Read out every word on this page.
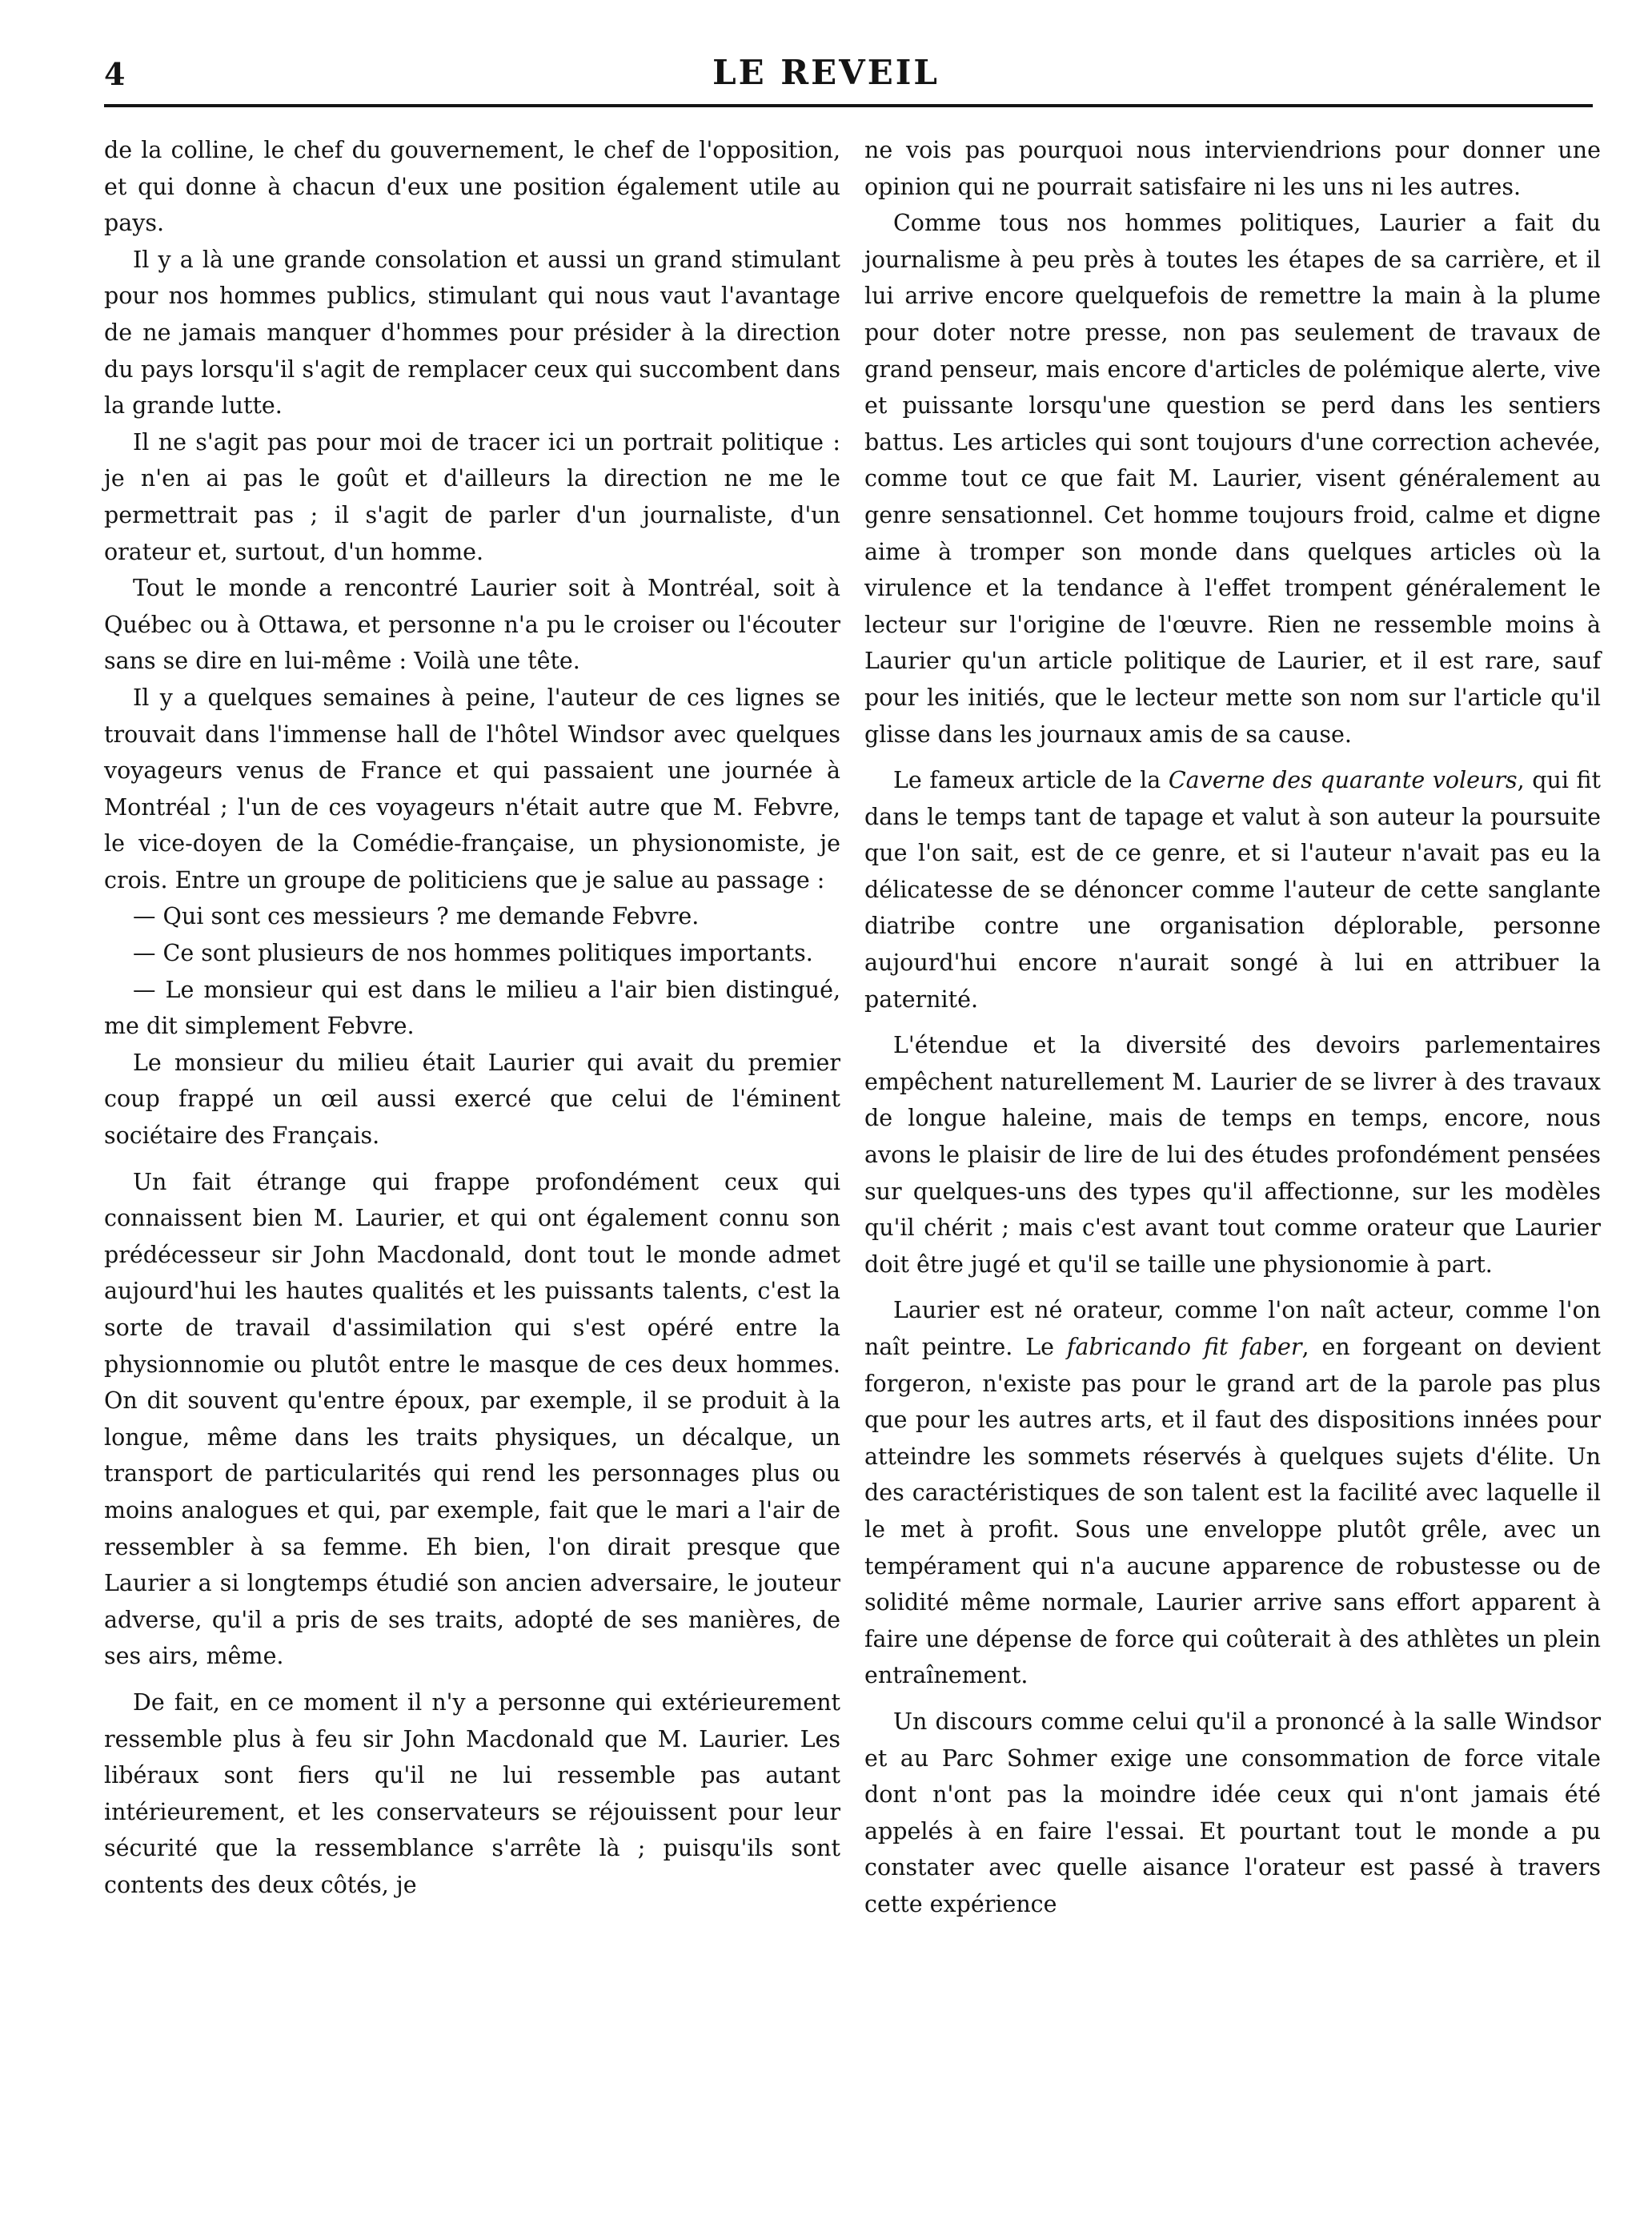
4	LE REVEIL

de la colline, le chef du gouvernement, le chef de l'opposition, et qui donne à chacun d'eux une position également utile au pays.

Il y a là une grande consolation et aussi un grand stimulant pour nos hommes publics, stimulant qui nous vaut l'avantage de ne jamais manquer d'hommes pour présider à la direction du pays lorsqu'il s'agit de remplacer ceux qui succombent dans la grande lutte.

Il ne s'agit pas pour moi de tracer ici un portrait politique : je n'en ai pas le goût et d'ailleurs la direction ne me le permettrait pas ; il s'agit de parler d'un journaliste, d'un orateur et, surtout, d'un homme.

Tout le monde a rencontré Laurier soit à Montréal, soit à Québec ou à Ottawa, et personne n'a pu le croiser ou l'écouter sans se dire en lui-même : Voilà une tête.

Il y a quelques semaines à peine, l'auteur de ces lignes se trouvait dans l'immense hall de l'hôtel Windsor avec quelques voyageurs venus de France et qui passaient une journée à Montréal ; l'un de ces voyageurs n'était autre que M. Febvre, le vice-doyen de la Comédie-française, un physionomiste, je crois. Entre un groupe de politiciens que je salue au passage :

— Qui sont ces messieurs ? me demande Febvre.

— Ce sont plusieurs de nos hommes politiques importants.

— Le monsieur qui est dans le milieu a l'air bien distingué, me dit simplement Febvre.

Le monsieur du milieu était Laurier qui avait du premier coup frappé un œil aussi exercé que celui de l'éminent sociétaire des Français.

Un fait étrange qui frappe profondément ceux qui connaissent bien M. Laurier, et qui ont également connu son prédécesseur sir John Macdonald, dont tout le monde admet aujourd'hui les hautes qualités et les puissants talents, c'est la sorte de travail d'assimilation qui s'est opéré entre la physionnomie ou plutôt entre le masque de ces deux hommes. On dit souvent qu'entre époux, par exemple, il se produit à la longue, même dans les traits physiques, un décalque, un transport de particularités qui rend les personnages plus ou moins analogues et qui, par exemple, fait que le mari a l'air de ressembler à sa femme. Eh bien, l'on dirait presque que Laurier a si longtemps étudié son ancien adversaire, le jouteur adverse, qu'il a pris de ses traits, adopté de ses manières, de ses airs, même.

De fait, en ce moment il n'y a personne qui extérieurement ressemble plus à feu sir John Macdonald que M. Laurier. Les libéraux sont fiers qu'il ne lui ressemble pas autant intérieurement, et les conservateurs se réjouissent pour leur sécurité que la ressemblance s'arrête là ; puisqu'ils sont contents des deux côtés, je

ne vois pas pourquoi nous interviendrions pour donner une opinion qui ne pourrait satisfaire ni les uns ni les autres.

Comme tous nos hommes politiques, Laurier a fait du journalisme à peu près à toutes les étapes de sa carrière, et il lui arrive encore quelquefois de remettre la main à la plume pour doter notre presse, non pas seulement de travaux de grand penseur, mais encore d'articles de polémique alerte, vive et puissante lorsqu'une question se perd dans les sentiers battus. Les articles qui sont toujours d'une correction achevée, comme tout ce que fait M. Laurier, visent généralement au genre sensationnel. Cet homme toujours froid, calme et digne aime à tromper son monde dans quelques articles où la virulence et la tendance à l'effet trompent généralement le lecteur sur l'origine de l'œuvre. Rien ne ressemble moins à Laurier qu'un article politique de Laurier, et il est rare, sauf pour les initiés, que le lecteur mette son nom sur l'article qu'il glisse dans les journaux amis de sa cause.

Le fameux article de la Caverne des quarante voleurs, qui fit dans le temps tant de tapage et valut à son auteur la poursuite que l'on sait, est de ce genre, et si l'auteur n'avait pas eu la délicatesse de se dénoncer comme l'auteur de cette sanglante diatribe contre une organisation déplorable, personne aujourd'hui encore n'aurait songé à lui en attribuer la paternité.

L'étendue et la diversité des devoirs parlementaires empêchent naturellement M. Laurier de se livrer à des travaux de longue haleine, mais de temps en temps, encore, nous avons le plaisir de lire de lui des études profondément pensées sur quelques-uns des types qu'il affectionne, sur les modèles qu'il chérit ; mais c'est avant tout comme orateur que Laurier doit être jugé et qu'il se taille une physionomie à part.

Laurier est né orateur, comme l'on naît acteur, comme l'on naît peintre. Le fabricando fit faber, en forgeant on devient forgeron, n'existe pas pour le grand art de la parole pas plus que pour les autres arts, et il faut des dispositions innées pour atteindre les sommets réservés à quelques sujets d'élite. Un des caractéristiques de son talent est la facilité avec laquelle il le met à profit. Sous une enveloppe plutôt grêle, avec un tempérament qui n'a aucune apparence de robustesse ou de solidité même normale, Laurier arrive sans effort apparent à faire une dépense de force qui coûterait à des athlètes un plein entraînement.

Un discours comme celui qu'il a prononcé à la salle Windsor et au Parc Sohmer exige une consommation de force vitale dont n'ont pas la moindre idée ceux qui n'ont jamais été appelés à en faire l'essai. Et pourtant tout le monde a pu constater avec quelle aisance l'orateur est passé à travers cette expérience
